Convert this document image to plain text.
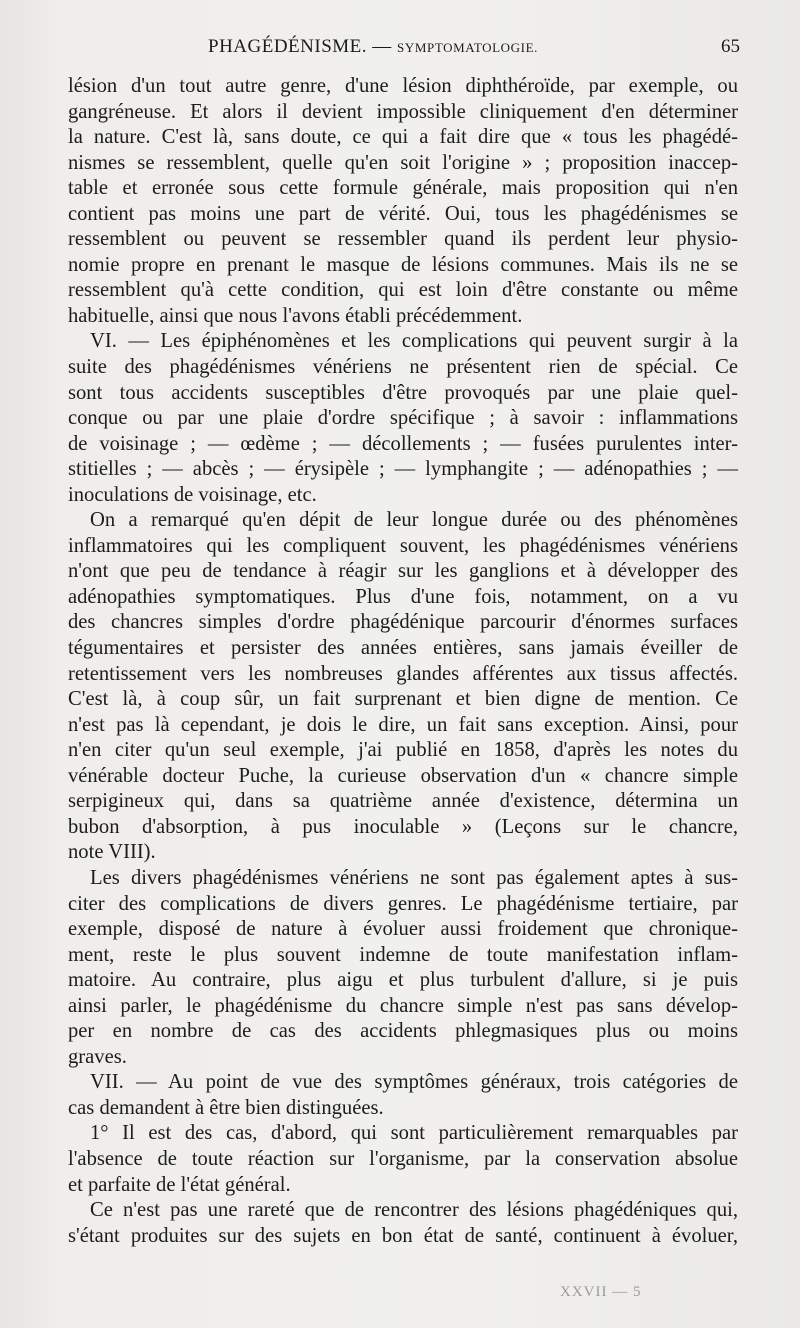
PHAGÉDÉNISME. — SYMPTOMATOLOGIE.	65

lésion d'un tout autre genre, d'une lésion diphthéroïde, par exemple, ou

gangréneuse. Et alors il devient impossible cliniquement d'en déterminer

la nature. C'est là, sans doute, ce qui a fait dire que « tous les phagédé-

nismes se ressemblent, quelle qu'en soit l'origine » ; proposition inaccep-

table et erronée sous cette formule générale, mais proposition qui n'en

contient pas moins une part de vérité. Oui, tous les phagédénismes se

ressemblent ou peuvent se ressembler quand ils perdent leur physio-

nomie propre en prenant le masque de lésions communes. Mais ils ne se

ressemblent qu'à cette condition, qui est loin d'être constante ou même

habituelle, ainsi que nous l'avons établi précédemment.

VI. — Les épiphénomènes et les complications qui peuvent surgir à la

suite des phagédénismes vénériens ne présentent rien de spécial. Ce

sont tous accidents susceptibles d'être provoqués par une plaie quel-

conque ou par une plaie d'ordre spécifique ; à savoir : inflammations

de voisinage ; — œdème ; — décollements ; — fusées purulentes inter-

stitielles ; — abcès ; — érysipèle ; — lymphangite ; — adénopathies ; —

inoculations de voisinage, etc.

On a remarqué qu'en dépit de leur longue durée ou des phénomènes

inflammatoires qui les compliquent souvent, les phagédénismes vénériens

n'ont que peu de tendance à réagir sur les ganglions et à développer des

adénopathies symptomatiques. Plus d'une fois, notamment, on a vu

des chancres simples d'ordre phagédénique parcourir d'énormes surfaces

tégumentaires et persister des années entières, sans jamais éveiller de

retentissement vers les nombreuses glandes afférentes aux tissus affectés.

C'est là, à coup sûr, un fait surprenant et bien digne de mention. Ce

n'est pas là cependant, je dois le dire, un fait sans exception. Ainsi, pour

n'en citer qu'un seul exemple, j'ai publié en 1858, d'après les notes du

vénérable docteur Puche, la curieuse observation d'un « chancre simple

serpigineux qui, dans sa quatrième année d'existence, détermina un

bubon d'absorption, à pus inoculable » (Leçons sur le chancre,

note VIII).

Les divers phagédénismes vénériens ne sont pas également aptes à sus-

citer des complications de divers genres. Le phagédénisme tertiaire, par

exemple, disposé de nature à évoluer aussi froidement que chronique-

ment, reste le plus souvent indemne de toute manifestation inflam-

matoire. Au contraire, plus aigu et plus turbulent d'allure, si je puis

ainsi parler, le phagédénisme du chancre simple n'est pas sans dévelop-

per en nombre de cas des accidents phlegmasiques plus ou moins

graves.

VII. — Au point de vue des symptômes généraux, trois catégories de

cas demandent à être bien distinguées.

1° Il est des cas, d'abord, qui sont particulièrement remarquables par

l'absence de toute réaction sur l'organisme, par la conservation absolue

et parfaite de l'état général.

Ce n'est pas une rareté que de rencontrer des lésions phagédéniques qui,

s'étant produites sur des sujets en bon état de santé, continuent à évoluer,

XXVII — 5
